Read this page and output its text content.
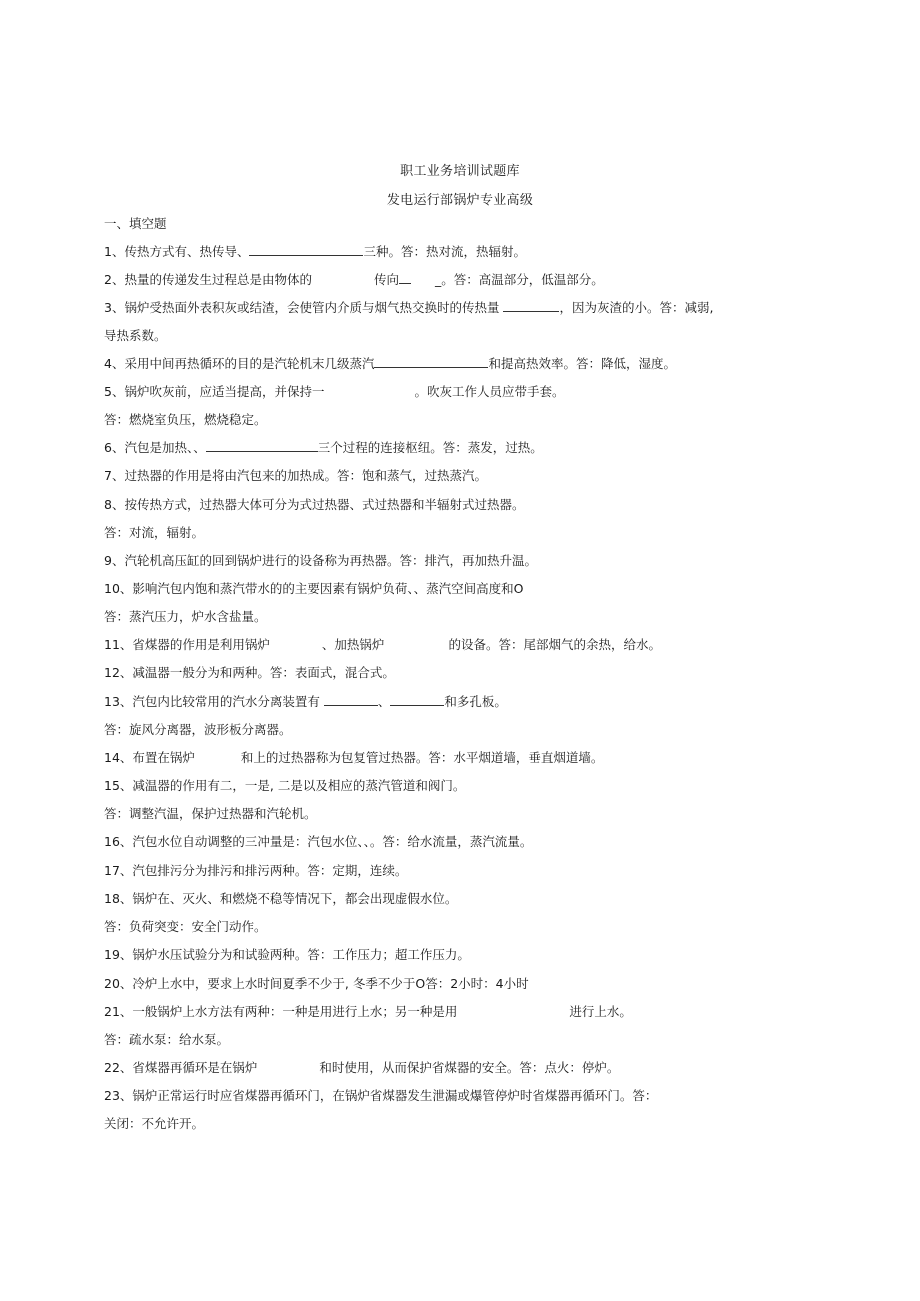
职工业务培训试题库
发电运行部锅炉专业高级
一、填空题
1、传热方式有、热传导、	三种。答：热对流，热辐射。
2、热量的传递发生过程总是由物体的	传向	_。答：高温部分，低温部分。
3、锅炉受热面外表积灰或结渣，会使管内介质与烟气热交换时的传热量	，因为灰渣的小。答：减弱,
导热系数。
4、采用中间再热循环的目的是汽轮机末几级蒸汽	和提高热效率。答：降低，湿度。
5、锅炉吹灰前，应适当提高，并保持一	。吹灰工作人员应带手套。
答：燃烧室负压，燃烧稳定。
6、汽包是加热、、	三个过程的连接枢纽。答：蒸发，过热。
7、过热器的作用是将由汽包来的加热成。答：饱和蒸气，过热蒸汽。
8、按传热方式，过热器大体可分为式过热器、式过热器和半辐射式过热器。
答：对流，辐射。
9、汽轮机高压缸的回到锅炉进行的设备称为再热器。答：排汽，再加热升温。
10、影响汽包内饱和蒸汽带水的的主要因素有锅炉负荷、、蒸汽空间高度和O
答：蒸汽压力，炉水含盐量。
11、省煤器的作用是利用锅炉	、加热锅炉	的设备。答：尾部烟气的余热，给水。
12、减温器一般分为和两种。答：表面式，混合式。
13、汽包内比较常用的汽水分离装置有	、	和多孔板。
答：旋风分离器，波形板分离器。
14、布置在锅炉	和上的过热器称为包复管过热器。答：水平烟道墙，垂直烟道墙。
15、减温器的作用有二，一是, 二是以及相应的蒸汽管道和阀门。
答：调整汽温，保护过热器和汽轮机。
16、汽包水位自动调整的三冲量是：汽包水位、、。答：给水流量，蒸汽流量。
17、汽包排污分为排污和排污两种。答：定期，连续。
18、锅炉在、灭火、和燃烧不稳等情况下，都会出现虚假水位。
答：负荷突变：安全门动作。
19、锅炉水压试验分为和试验两种。答：工作压力；超工作压力。
20、冷炉上水中，要求上水时间夏季不少于, 冬季不少于O答：2小时：4小时
21、一般锅炉上水方法有两种：一种是用进行上水；另一种是用	进行上水。
答：疏水泵：给水泵。
22、省煤器再循环是在锅炉	和时使用，从而保护省煤器的安全。答：点火：停炉。
23、锅炉正常运行时应省煤器再循环门，在锅炉省煤器发生泄漏或爆管停炉时省煤器再循环门。答：
关闭：不允许开。
